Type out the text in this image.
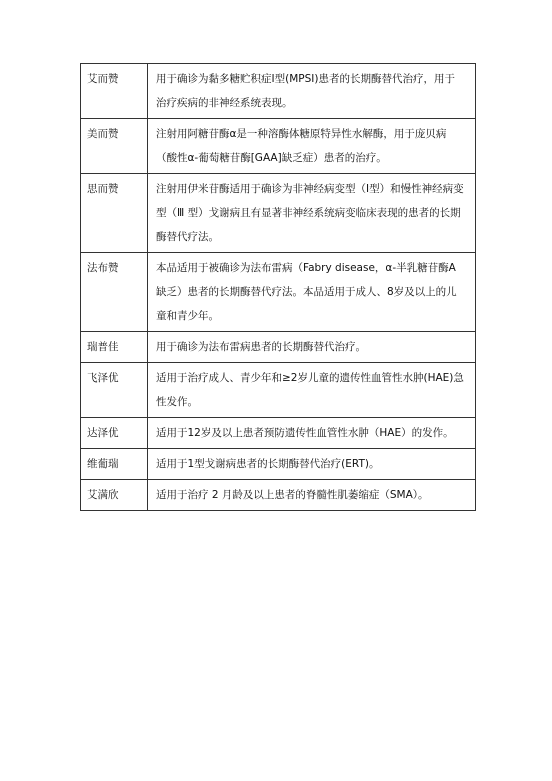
艾而赞	用于确诊为黏多糖贮积症Ⅰ型(MPSⅠ)患者的长期酶替代治疗，用于治疗疾病的非神经系统表现。
美而赞	注射用阿糖苷酶α是一种溶酶体糖原特异性水解酶，用于庞贝病（酸性α-葡萄糖苷酶[GAA]缺乏症）患者的治疗。
思而赞	注射用伊米苷酶适用于确诊为非神经病变型（Ⅰ型）和慢性神经病变型（Ⅲ 型）戈谢病且有显著非神经系统病变临床表现的患者的长期酶替代疗法。
法布赞	本品适用于被确诊为法布雷病（Fabry disease，α-半乳糖苷酶A缺乏）患者的长期酶替代疗法。本品适用于成人、8岁及以上的儿童和青少年。
瑞普佳	用于确诊为法布雷病患者的长期酶替代治疗。
飞泽优	适用于治疗成人、青少年和≥2岁儿童的遗传性血管性水肿(HAE)急性发作。
达泽优	适用于12岁及以上患者预防遗传性血管性水肿（HAE）的发作。
维葡瑞	适用于1型戈谢病患者的长期酶替代治疗(ERT)。
艾满欣	适用于治疗 2 月龄及以上患者的脊髓性肌萎缩症（SMA）。
